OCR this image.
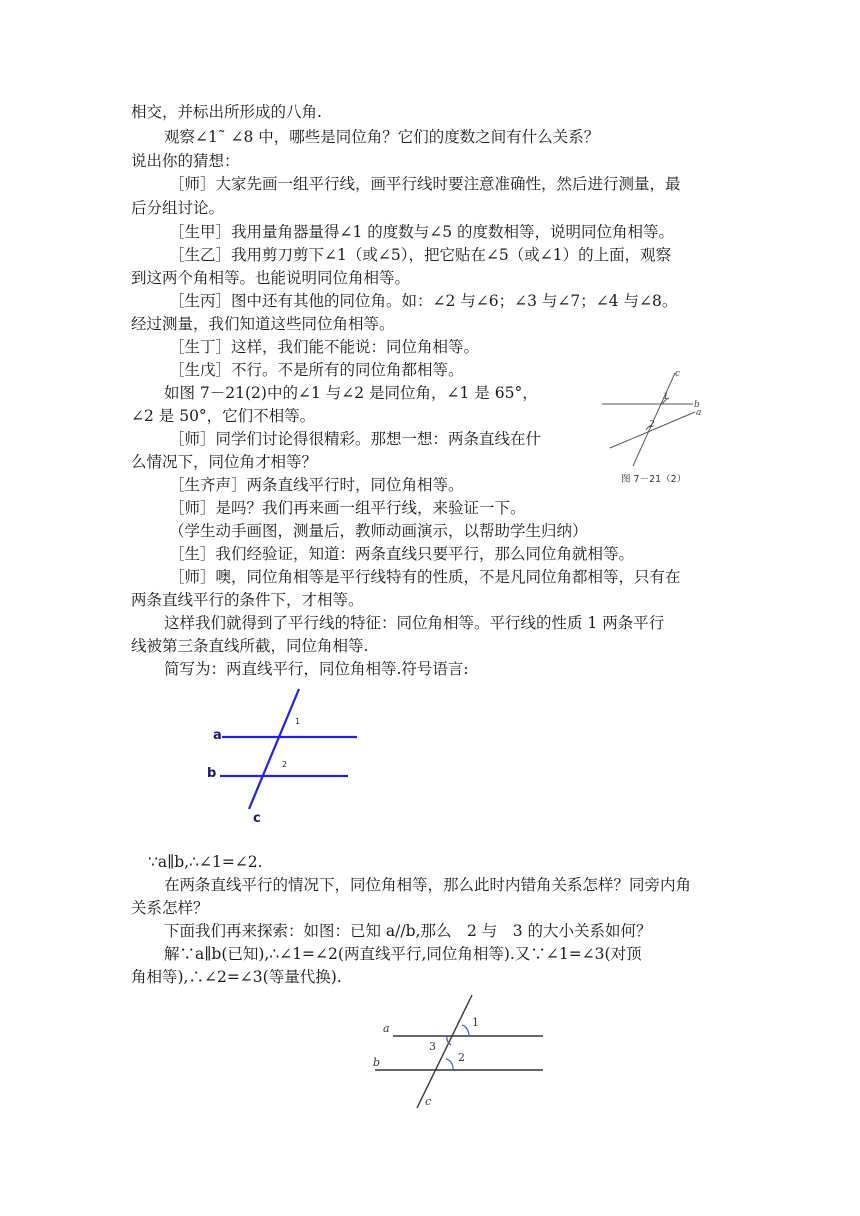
相交，并标出所形成的八角.
观察∠1˜ ∠8 中，哪些是同位角？它们的度数之间有什么关系？
说出你的猜想：
［师］大家先画一组平行线，画平行线时要注意准确性，然后进行测量，最
后分组讨论。
［生甲］我用量角器量得∠1 的度数与∠5 的度数相等，说明同位角相等。
［生乙］我用剪刀剪下∠1（或∠5），把它贴在∠5（或∠1）的上面，观察
到这两个角相等。也能说明同位角相等。
［生丙］图中还有其他的同位角。如：∠2 与∠6；∠3 与∠7；∠4 与∠8。
经过测量，我们知道这些同位角相等。
［生丁］这样，我们能不能说：同位角相等。
［生戊］不行。不是所有的同位角都相等。
如图 7－21(2)中的∠1 与∠2 是同位角，∠1 是 65°，
∠2 是 50°，它们不相等。
［师］同学们讨论得很精彩。那想一想：两条直线在什
么情况下，同位角才相等？
［生齐声］两条直线平行时，同位角相等。
［师］是吗？我们再来画一组平行线，来验证一下。
（学生动手画图，测量后，教师动画演示，以帮助学生归纳）
［生］我们经验证，知道：两条直线只要平行，那么同位角就相等。
［师］噢，同位角相等是平行线特有的性质，不是凡同位角都相等，只有在
两条直线平行的条件下，才相等。
这样我们就得到了平行线的特征：同位角相等。平行线的性质 1 两条平行
线被第三条直线所截，同位角相等.
简写为：两直线平行，同位角相等.符号语言:
∵a∥b,∴∠1=∠2.
在两条直线平行的情况下，同位角相等，那么此时内错角关系怎样？同旁内角
关系怎样？
下面我们再来探索：如图：已知 a//b,那么　2 与　3 的大小关系如何？
解∵a∥b(已知),∴∠1=∠2(两直线平行,同位角相等).又∵∠1=∠3(对顶
角相等),∴∠2=∠3(等量代换).
c
1
b
2
a
图 7－21（2）
a
b
c
1
2
a
b
c
1
2
3
